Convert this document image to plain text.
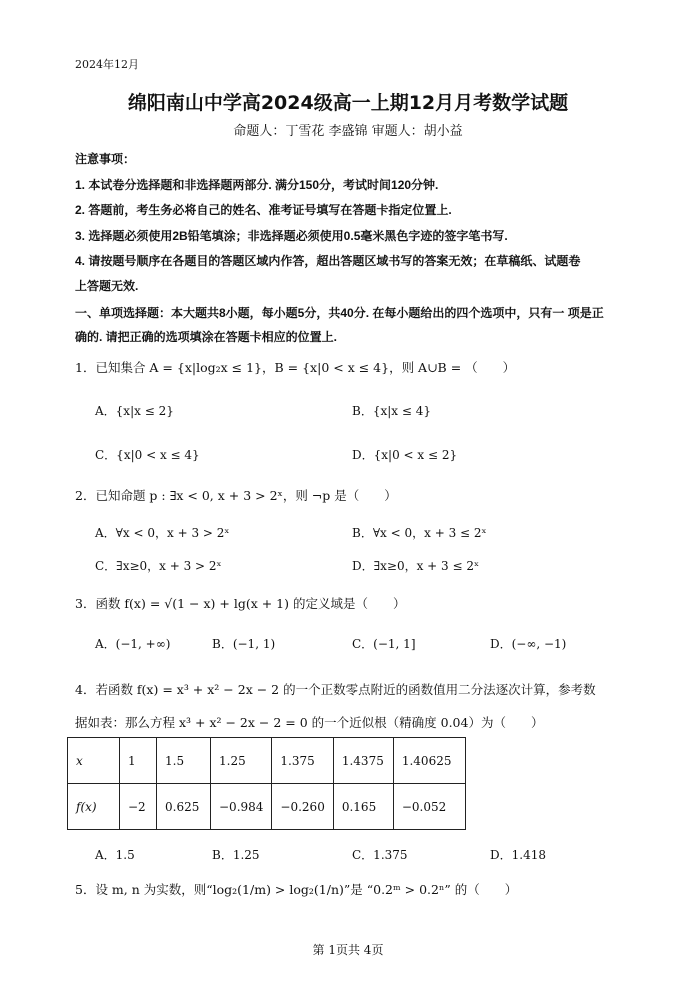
2024年12月
绵阳南山中学高2024级高一上期12月月考数学试题
命题人：丁雪花 李盛锦 审题人：胡小益
注意事项：
1. 本试卷分选择题和非选择题两部分. 满分150分，考试时间120分钟.
2. 答题前，考生务必将自己的姓名、准考证号填写在答题卡指定位置上.
3. 选择题必须使用2B铅笔填涂；非选择题必须使用0.5毫米黑色字迹的签字笔书写.
4. 请按题号顺序在各题目的答题区域内作答，超出答题区域书写的答案无效；在草稿纸、试题卷
上答题无效.
一、单项选择题：本大题共8小题，每小题5分，共40分. 在每小题给出的四个选项中，只有一 项是正
确的. 请把正确的选项填涂在答题卡相应的位置上.
1．已知集合 A = {x|log₂x ≤ 1}，B = {x|0 < x ≤ 4}，则 A∪B = （　　）
A．{x|x ≤ 2}	B．{x|x ≤ 4}
C．{x|0 < x ≤ 4}	D．{x|0 < x ≤ 2}
2．已知命题 p : ∃x < 0, x + 3 > 2ˣ，则 ¬p 是（　　）
A．∀x < 0，x + 3 > 2ˣ	B．∀x < 0，x + 3 ≤ 2ˣ
C．∃x≥0，x + 3 > 2ˣ	D．∃x≥0，x + 3 ≤ 2ˣ
3．函数 f(x) = √(1 − x) + lg(x + 1) 的定义域是（　　）
A．(−1, +∞)	B．(−1, 1)	C．(−1, 1]	D．(−∞, −1)
4．若函数 f(x) = x³ + x² − 2x − 2 的一个正数零点附近的函数值用二分法逐次计算，参考数
据如表：那么方程 x³ + x² − 2x − 2 = 0 的一个近似根（精确度 0.04）为（　　）
x	1	1.5	1.25	1.375	1.4375	1.40625
f(x)	−2	0.625	−0.984	−0.260	0.165	−0.052
A．1.5	B．1.25	C．1.375	D．1.418
5．设 m, n 为实数，则“log₂(1/m) > log₂(1/n)”是 “0.2ᵐ > 0.2ⁿ” 的（　　）
第 1页共 4页
